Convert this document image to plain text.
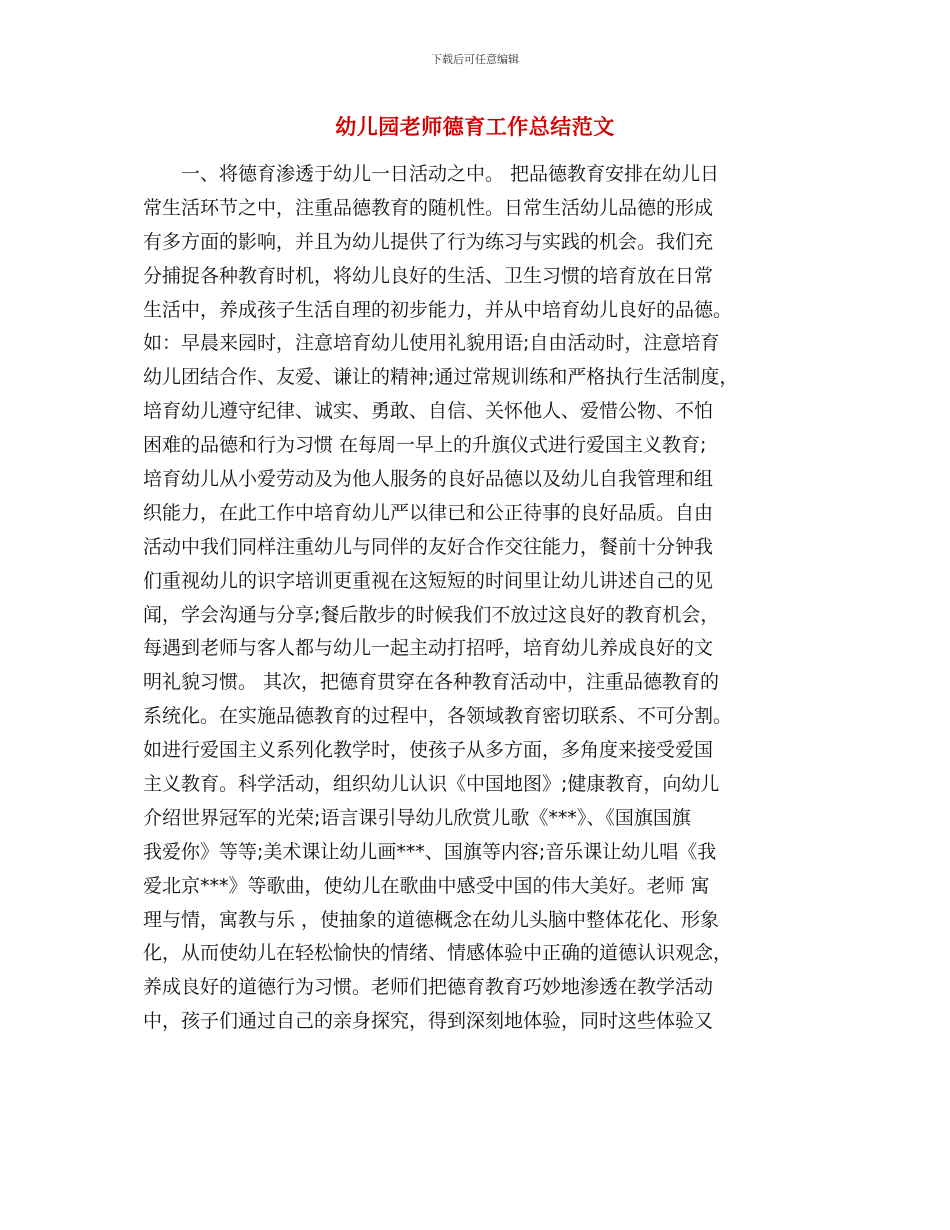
下载后可任意编辑
幼儿园老师德育工作总结范文
　　一、将德育渗透于幼儿一日活动之中。 把品德教育安排在幼儿日
常生活环节之中，注重品德教育的随机性。日常生活幼儿品德的形成
有多方面的影响，并且为幼儿提供了行为练习与实践的机会。我们充
分捕捉各种教育时机，将幼儿良好的生活、卫生习惯的培育放在日常
生活中，养成孩子生活自理的初步能力，并从中培育幼儿良好的品德。
如：早晨来园时，注意培育幼儿使用礼貌用语;自由活动时，注意培育
幼儿团结合作、友爱、谦让的精神;通过常规训练和严格执行生活制度，
培育幼儿遵守纪律、诚实、勇敢、自信、关怀他人、爱惜公物、不怕
困难的品德和行为习惯 在每周一早上的升旗仪式进行爱国主义教育;
培育幼儿从小爱劳动及为他人服务的良好品德以及幼儿自我管理和组
织能力，在此工作中培育幼儿严以律已和公正待事的良好品质。自由
活动中我们同样注重幼儿与同伴的友好合作交往能力，餐前十分钟我
们重视幼儿的识字培训更重视在这短短的时间里让幼儿讲述自己的见
闻，学会沟通与分享;餐后散步的时候我们不放过这良好的教育机会，
每遇到老师与客人都与幼儿一起主动打招呼，培育幼儿养成良好的文
明礼貌习惯。 其次，把德育贯穿在各种教育活动中，注重品德教育的
系统化。在实施品德教育的过程中，各领域教育密切联系、不可分割。
如进行爱国主义系列化教学时，使孩子从多方面，多角度来接受爱国
主义教育。科学活动，组织幼儿认识《中国地图》;健康教育，向幼儿
介绍世界冠军的光荣;语言课引导幼儿欣赏儿歌《***》、《国旗国旗
我爱你》等等;美术课让幼儿画***、国旗等内容;音乐课让幼儿唱《我
爱北京***》等歌曲，使幼儿在歌曲中感受中国的伟大美好。老师 寓
理与情，寓教与乐 ，使抽象的道德概念在幼儿头脑中整体花化、形象
化，从而使幼儿在轻松愉快的情绪、情感体验中正确的道德认识观念，
养成良好的道德行为习惯。老师们把德育教育巧妙地渗透在教学活动
中，孩子们通过自己的亲身探究，得到深刻地体验，同时这些体验又
